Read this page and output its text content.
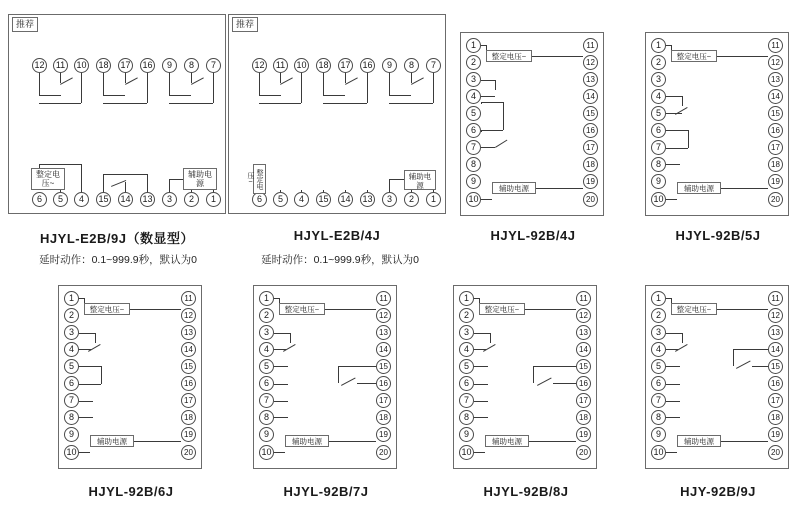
推荐
12	11	10 18 17 16	9	8	7
6	5	4	15 14 13	3	2	1
整定电压~
辅助电源
HJYL-E2B/9J（数显型）
延时动作：0.1~999.9秒，默认为0
推荐
12	11	10 18 17 16	9	8	7
6	5	4	15 14 13	3	2	1
整定电压~	辅助电源
HJYL-E2B/4J
延时动作：0.1~999.9秒，默认为0
1
2
3
4
5
6
7
8
9
10
11
12
13
14
15
16
17
18
19
20
整定电压~
辅助电源
HJYL-92B/4J
1
2
3
4
5
6
7
8
9
10
11
12
13
14
15
16
17
18
19
20
整定电压~
辅助电源
HJYL-92B/5J
1
2
3
4
5
6
7
8
9
10
11
12
13
14
15
16
17
18
19
20
整定电压~
辅助电源
HJYL-92B/6J
1
2
3
4
5
6
7
8
9
10
11
12
13
14
15
16
17
18
19
20
整定电压~
辅助电源
HJYL-92B/7J
1
2
3
4
5
6
7
8
9
10
11
12
13
14
15
16
17
18
19
20
整定电压~
辅助电源
HJYL-92B/8J
1
2
3
4
5
6
7
8
9
10
11
12
13
14
15
16
17
18
19
20
整定电压~
辅助电源
HJY-92B/9J
